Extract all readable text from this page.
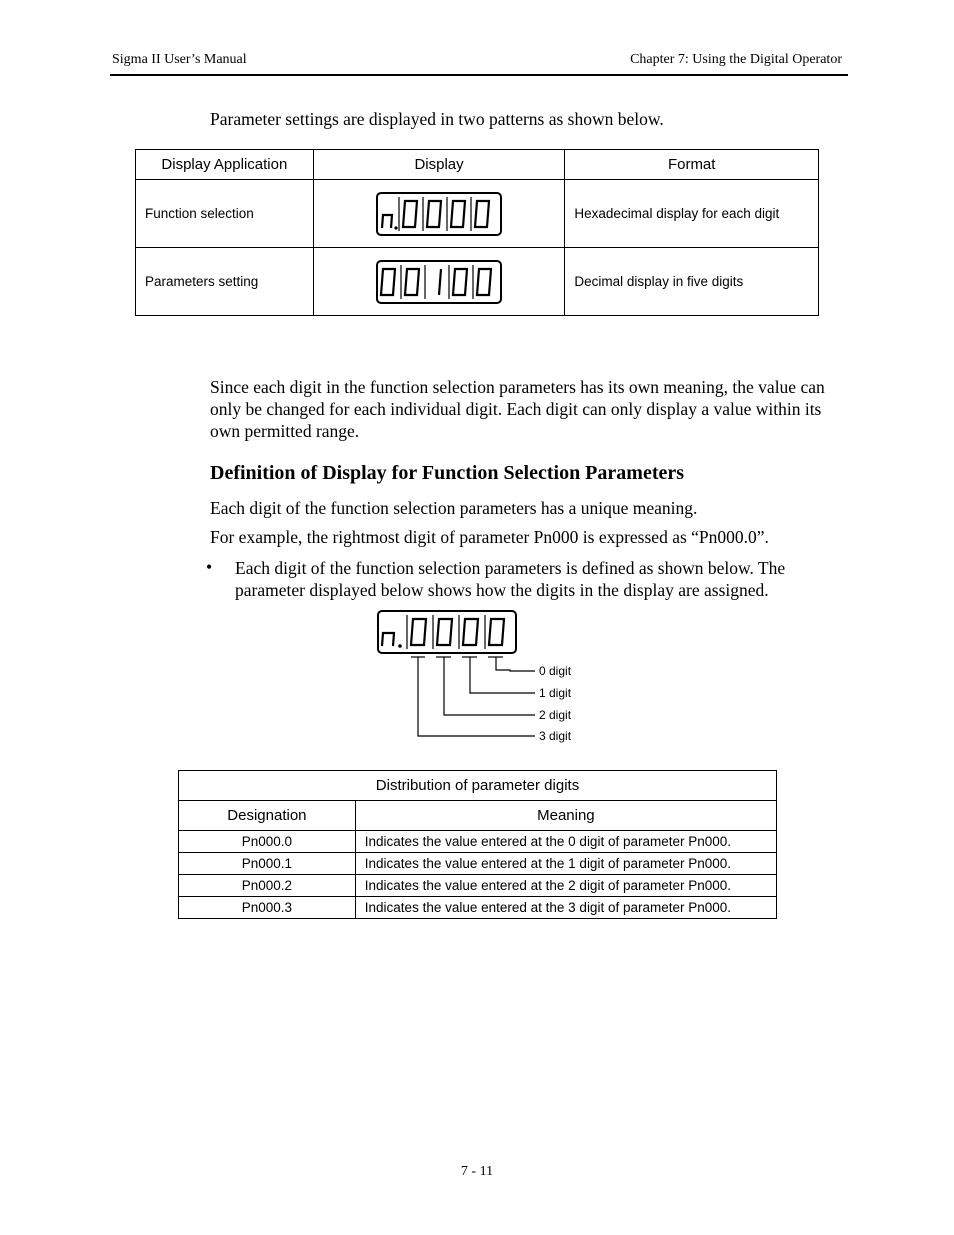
Sigma II User’s Manual	Chapter 7: Using the Digital Operator
Parameter settings are displayed in two patterns as shown below.
Display Application	Display	Format
Function selection		Hexadecimal display for each digit
Parameters setting		Decimal display in five digits
Since each digit in the function selection parameters has its own meaning, the value can only be changed for each individual digit. Each digit can only display a value within its own permitted range.
Definition of Display for Function Selection Parameters
Each digit of the function selection parameters has a unique meaning.
For example, the rightmost digit of parameter Pn000 is expressed as “Pn000.0”.
• Each digit of the function selection parameters is defined as shown below. The parameter displayed below shows how the digits in the display are assigned.
0 digit
1 digit
2 digit
3 digit
Distribution of parameter digits	
Designation	Meaning
Pn000.0	Indicates the value entered at the 0 digit of parameter Pn000.
Pn000.1	Indicates the value entered at the 1 digit of parameter Pn000.
Pn000.2	Indicates the value entered at the 2 digit of parameter Pn000.
Pn000.3	Indicates the value entered at the 3 digit of parameter Pn000.
7 - 11
